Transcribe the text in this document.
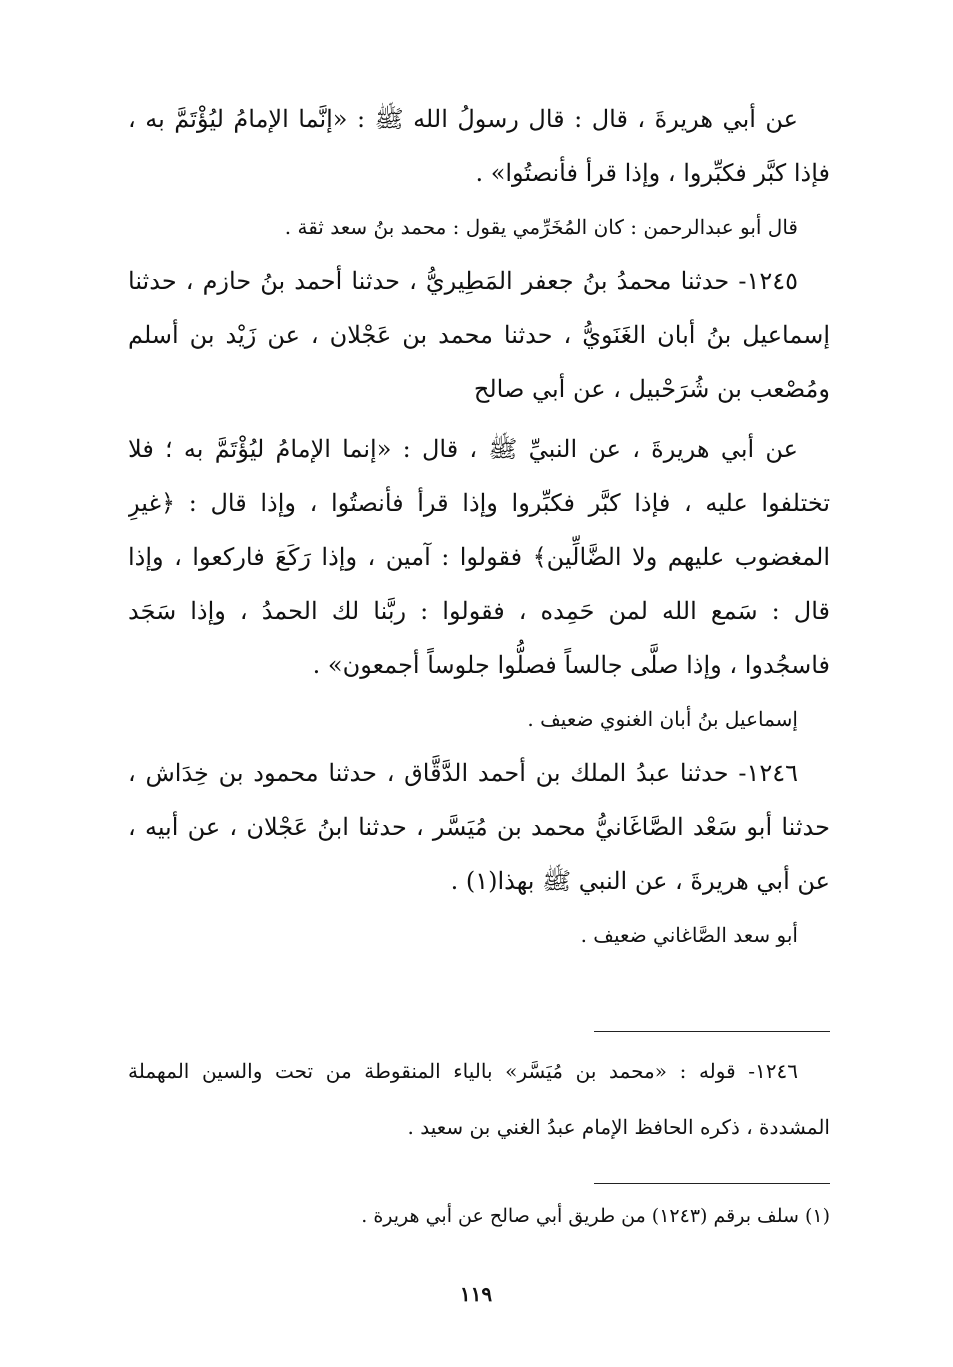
عن أبي هريرةَ ، قال : قال رسولُ الله ﷺ : «إنَّما الإمامُ ليُؤْتَمَّ به ،
فإذا كبَّر فكبِّروا ، وإذا قرأ فأنصتُوا» .
قال أبو عبدالرحمن : كان المُخَرِّمي يقول : محمد بنُ سعد ثقة .
١٢٤٥- حدثنا محمدُ بنُ جعفر المَطِيريُّ ، حدثنا أحمد بنُ حازم ، حدثنا
إسماعيل بنُ أبان الغَنَويُّ ، حدثنا محمد بن عَجْلان ، عن زَيْد بن أسلم
ومُصْعب بن شُرَحْبيل ، عن أبي صالح
عن أبي هريرةَ ، عن النبيِّ ﷺ ، قال : «إنما الإمامُ ليُؤْتَمَّ به ؛ فلا
تختلفوا عليه ، فإذا كبَّر فكبِّروا وإذا قرأ فأنصتُوا ، وإذا قال : ﴿غيرِ
المغضوب عليهم ولا الضَّالِّين﴾ فقولوا : آمين ، وإذا رَكَعَ فاركعوا ، وإذا
قال : سَمع الله لمن حَمِده ، فقولوا : ربَّنا لك الحمدُ ، وإذا سَجَد
فاسجُدوا ، وإذا صلَّى جالساً فصلُّوا جلوساً أجمعون» .
إسماعيل بنُ أبان الغنوي ضعيف .
١٢٤٦- حدثنا عبدُ الملك بن أحمد الدَّقَّاق ، حدثنا محمود بن خِدَاش ،
حدثنا أبو سَعْد الصَّاغَانيُّ محمد بن مُيَسَّر ، حدثنا ابنُ عَجْلان ، عن أبيه ،
عن أبي هريرةَ ، عن النبي ﷺ بهذا(١) .
أبو سعد الصَّاغاني ضعيف .
١٢٤٦- قوله : «محمد بن مُيَسَّر» بالياء المنقوطة من تحت والسين المهملة
المشددة ، ذكره الحافظ الإمام عبدُ الغني بن سعيد .
(١) سلف برقم (١٢٤٣) من طريق أبي صالح عن أبي هريرة .
١١٩
